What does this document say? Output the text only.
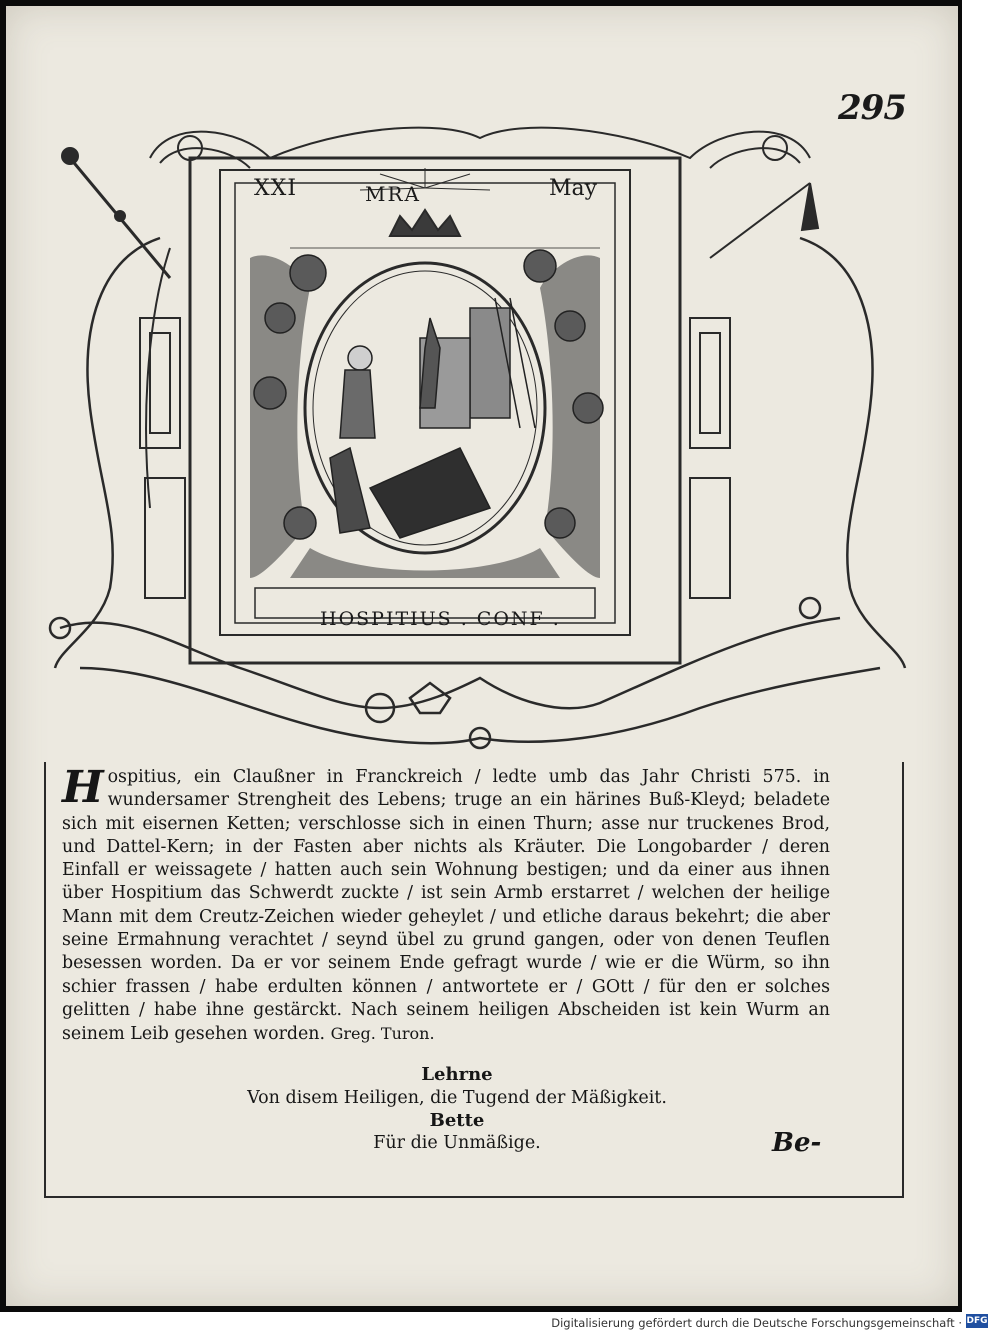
295
XXI	MRA	May
HOSPITIUS . CONF .
Hospitius, ein Claußner in Franckreich / ledte umb das Jahr Christi 575. in wundersamer Strengheit des Lebens; truge an ein härines Buß-Kleyd; beladete sich mit eisernen Ketten; verschlosse sich in einen Thurn; asse nur truckenes Brod, und Dattel-Kern; in der Fasten aber nichts als Kräuter. Die Longobarder / deren Einfall er weissagete / hatten auch sein Wohnung bestigen; und da einer aus ihnen über Hospitium das Schwerdt zuckte / ist sein Armb erstarret / welchen der heilige Mann mit dem Creutz-Zeichen wieder geheylet / und etliche daraus bekehrt; die aber seine Ermahnung verachtet / seynd übel zu grund gangen, oder von denen Teuflen besessen worden. Da er vor seinem Ende gefragt wurde / wie er die Würm, so ihn schier frassen / habe erdulten können / antwortete er / GOtt / für den er solches gelitten / habe ihne gestärckt. Nach seinem heiligen Abscheiden ist kein Wurm an seinem Leib gesehen worden. Greg. Turon.
Lehrne
Von disem Heiligen, die Tugend der Mäßigkeit.
Bette
Für die Unmäßige.	Be-
Digitalisierung gefördert durch die Deutsche Forschungsgemeinschaft · DFG
